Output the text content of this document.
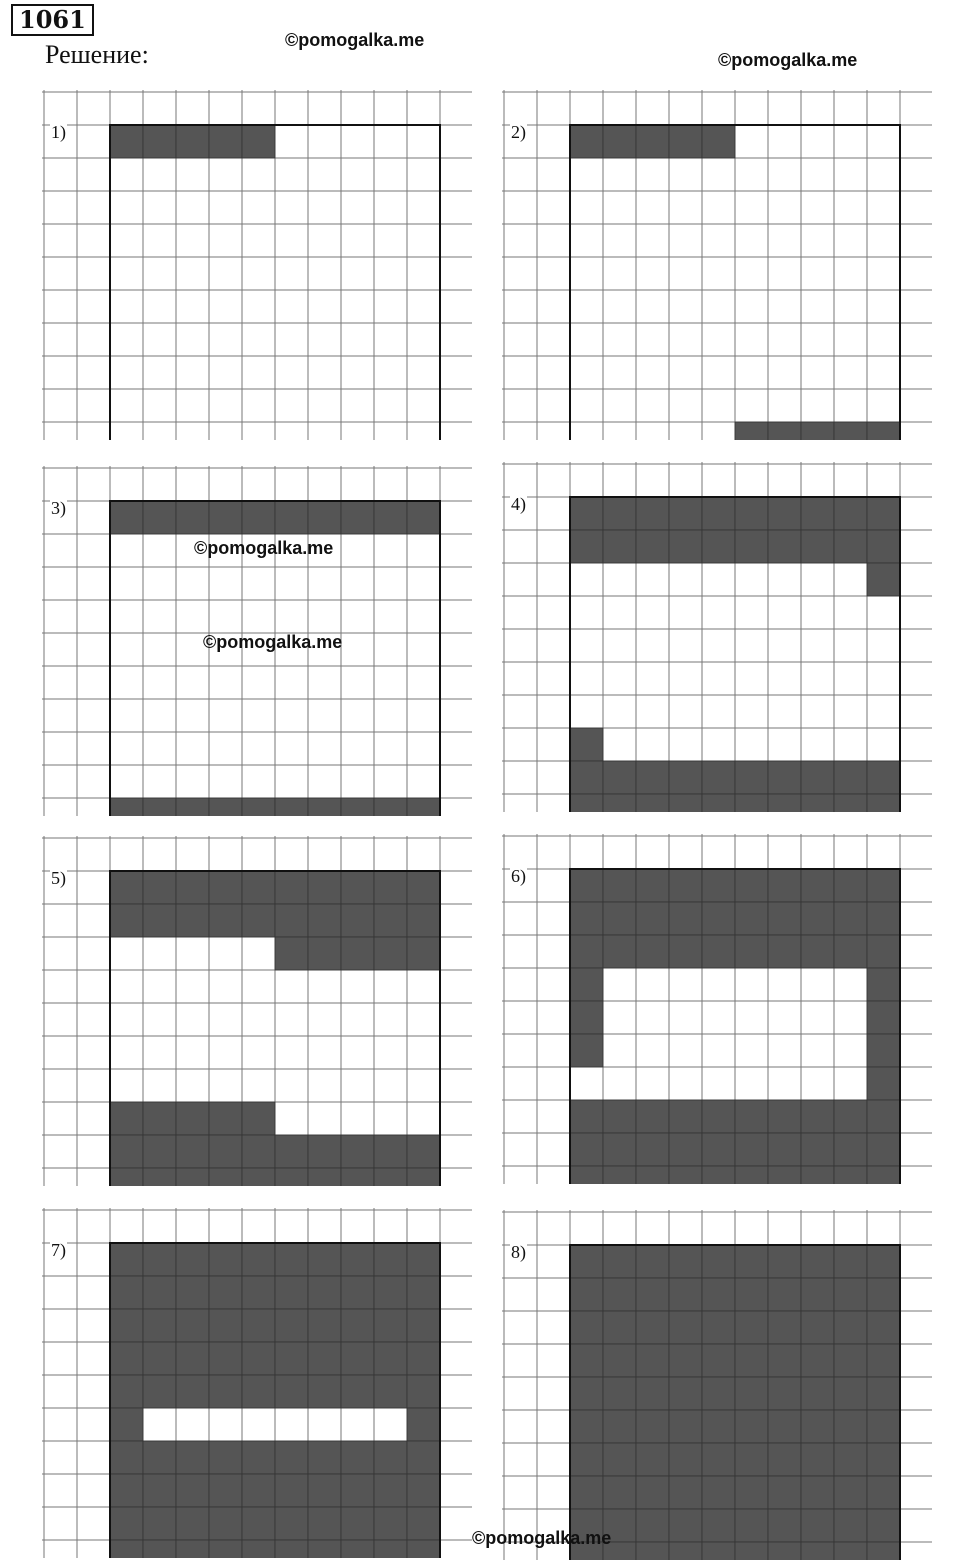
1061
Решение:	©pomogalka.me
©pomogalka.me
1)	2)
3)	4)
5)	6)
7)	8)
©pomogalka.me
©pomogalka.me
©pomogalka.me
